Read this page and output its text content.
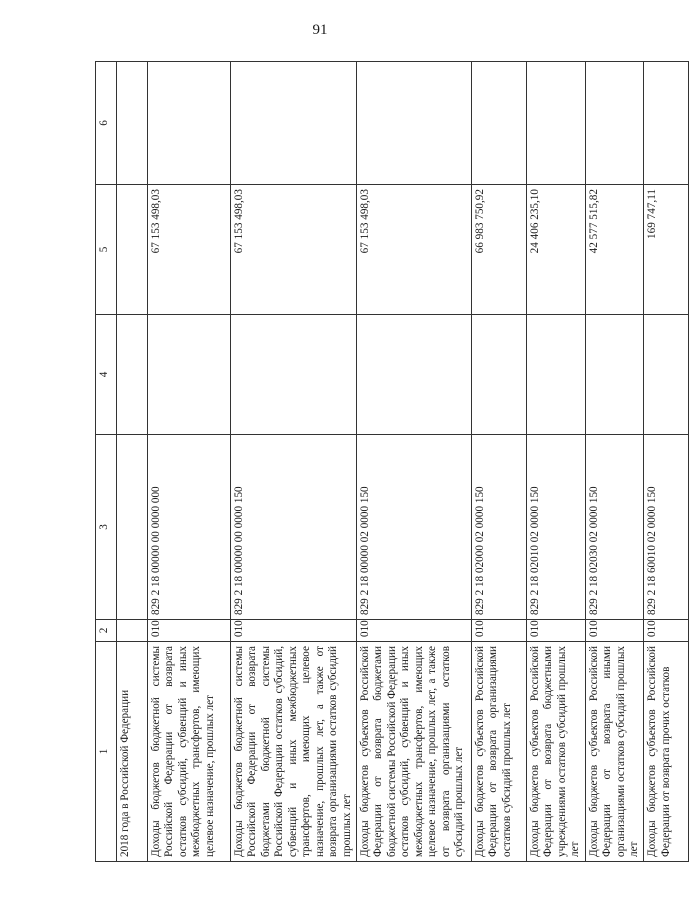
91
1	2	3	4	5	6
2018 года в Российской Федерации					
Доходы бюджетов бюджетной системы Российской Федерации от возврата остатков субсидий, субвенций и иных межбюджетных трансфертов, имеющих целевое назначение, прошлых лет	010	829 2 18 00000 00 0000 000		67 153 498,03	
Доходы бюджетов бюджетной системы Российской Федерации от возврата бюджетами бюджетной системы Российской Федерации остатков субсидий, субвенций и иных межбюджетных трансфертов, имеющих целевое назначение, прошлых лет, а также от возврата организациями остатков субсидий прошлых лет	010	829 2 18 00000 00 0000 150		67 153 498,03	
Доходы бюджетов субъектов Российской Федерации от возврата бюджетами бюджетной системы Российской Федерации остатков субсидий, субвенций и иных межбюджетных трансфертов, имеющих целевое назначение, прошлых лет, а также от возврата организациями остатков субсидий прошлых лет	010	829 2 18 00000 02 0000 150		67 153 498,03	
Доходы бюджетов субъектов Российской Федерации от возврата организациями остатков субсидий прошлых лет	010	829 2 18 02000 02 0000 150		66 983 750,92	
Доходы бюджетов субъектов Российской Федерации от возврата бюджетными учреждениями остатков субсидий прошлых лет	010	829 2 18 02010 02 0000 150		24 406 235,10	
Доходы бюджетов субъектов Российской Федерации от возврата иными организациями остатков субсидий прошлых лет	010	829 2 18 02030 02 0000 150		42 577 515,82	
Доходы бюджетов субъектов Российской Федерации от возврата прочих остатков	010	829 2 18 60010 02 0000 150		169 747,11	
